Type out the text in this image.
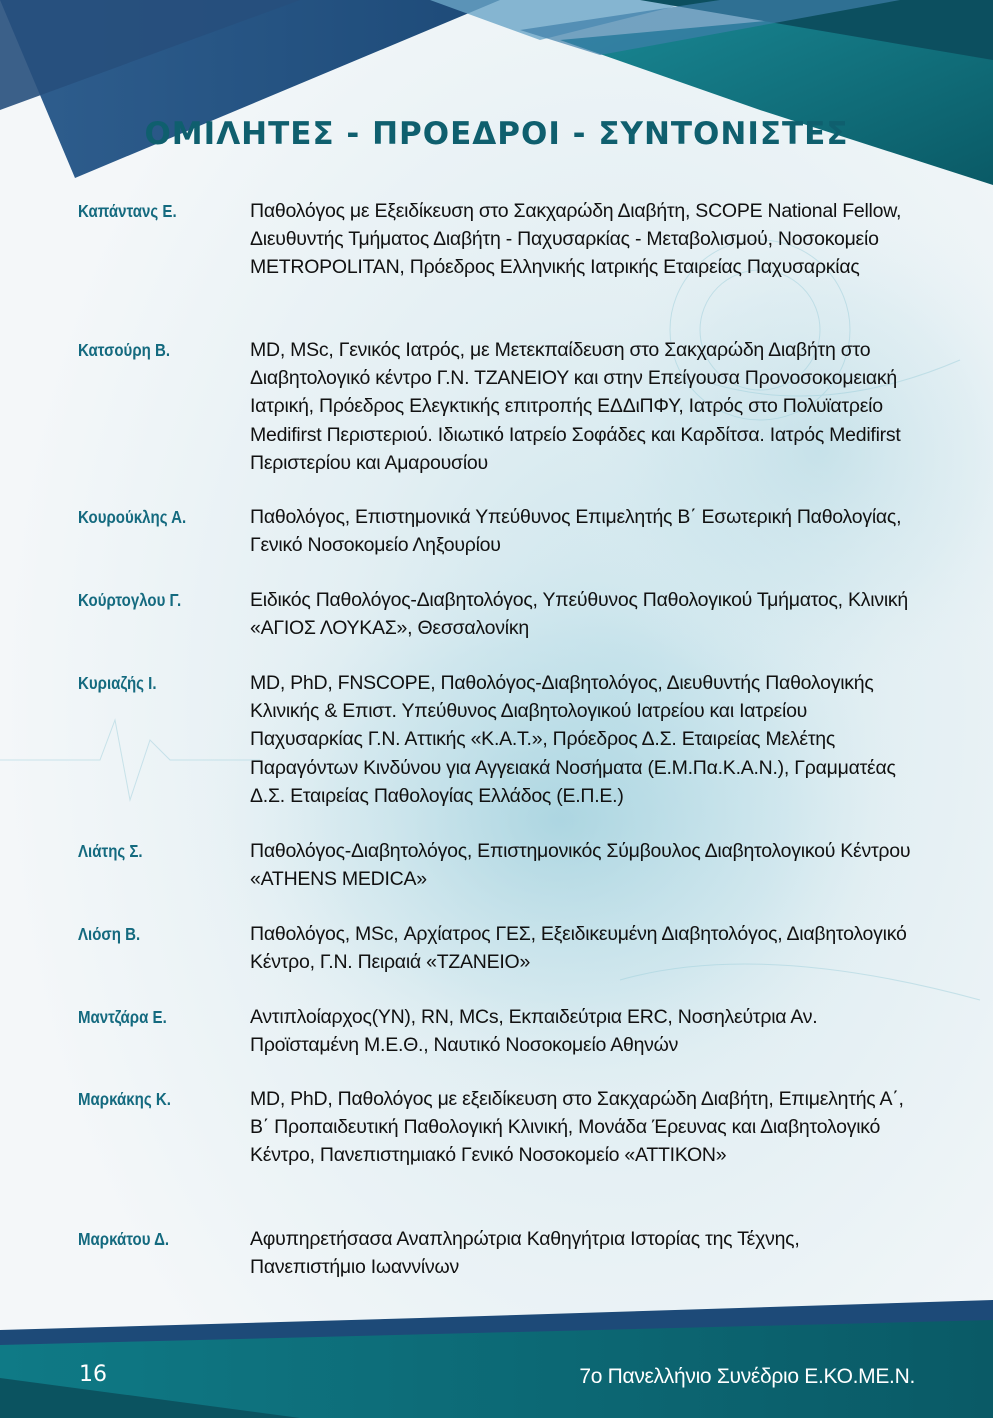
ΟΜΙΛΗΤΕΣ - ΠΡΟΕΔΡΟΙ - ΣΥΝΤΟΝΙΣΤΕΣ
Καπάντανς Ε.	Παθολόγος με Εξειδίκευση στο Σακχαρώδη Διαβήτη, SCOPE National Fellow, Διευθυντής Τμήματος Διαβήτη - Παχυσαρκίας - Μεταβολισμού, Νοσοκομείο METROPOLITAN, Πρόεδρος Ελληνικής Ιατρικής Εταιρείας Παχυσαρκίας
Κατσούρη Β.	MD, MSc, Γενικός Ιατρός, με Μετεκπαίδευση στο Σακχαρώδη Διαβήτη στο Διαβητολογικό κέντρο Γ.Ν. ΤΖΑΝΕΙΟΥ και στην Επείγουσα Προνοσοκομειακή Ιατρική, Πρόεδρος Ελεγκτικής επιτροπής ΕΔΔιΠΦΥ, Ιατρός στο Πολυϊατρείο Medifirst Περιστεριού. Ιδιωτικό Ιατρείο Σοφάδες και Καρδίτσα. Ιατρός Medifirst Περιστερίου και Αμαρουσίου
Κουρούκλης Α.	Παθολόγος, Επιστημονικά Υπεύθυνος Επιμελητής Β΄ Εσωτερική Παθολογίας, Γενικό Νοσοκομείο Ληξουρίου
Κούρτογλου Γ.	Ειδικός Παθολόγος-Διαβητολόγος, Υπεύθυνος Παθολογικού Τμήματος, Κλινική «ΑΓΙΟΣ ΛΟΥΚΑΣ», Θεσσαλονίκη
Κυριαζής Ι.	MD, PhD, FNSCOPE, Παθολόγος-Διαβητολόγος, Διευθυντής Παθολογικής Κλινικής & Επιστ. Υπεύθυνος Διαβητολογικού Ιατρείου και Ιατρείου Παχυσαρκίας Γ.Ν. Αττικής «Κ.Α.Τ.», Πρόεδρος Δ.Σ. Εταιρείας Μελέτης Παραγόντων Κινδύνου για Αγγειακά Νοσήματα (Ε.Μ.Πα.Κ.Α.Ν.), Γραμματέας Δ.Σ. Εταιρείας Παθολογίας Ελλάδος (Ε.Π.Ε.)
Λιάτης Σ.	Παθολόγος-Διαβητολόγος, Επιστημονικός Σύμβουλος Διαβητολογικού Κέντρου «ATHENS MEDICA»
Λιόση Β.	Παθολόγος, MSc, Αρχίατρος ΓΕΣ, Εξειδικευμένη Διαβητολόγος, Διαβητολογικό Κέντρο, Γ.Ν. Πειραιά «ΤΖΑΝΕΙΟ»
Μαντζάρα Ε.	Αντιπλοίαρχος(ΥΝ), RN, MCs, Εκπαιδεύτρια ERC, Νοσηλεύτρια Αν. Προϊσταμένη Μ.Ε.Θ., Ναυτικό Νοσοκομείο Αθηνών
Μαρκάκης Κ.	MD, PhD, Παθολόγος με εξειδίκευση στο Σακχαρώδη Διαβήτη, Επιμελητής Α΄, Β΄ Προπαιδευτική Παθολογική Κλινική, Μονάδα Έρευνας και Διαβητολογικό Κέντρο, Πανεπιστημιακό Γενικό Νοσοκομείο «ΑΤΤΙΚΟΝ»
Μαρκάτου Δ.	Αφυπηρετήσασα Αναπληρώτρια Καθηγήτρια Ιστορίας της Τέχνης, Πανεπιστήμιο Ιωαννίνων
16	7ο Πανελλήνιο Συνέδριο Ε.ΚΟ.ΜΕ.Ν.
